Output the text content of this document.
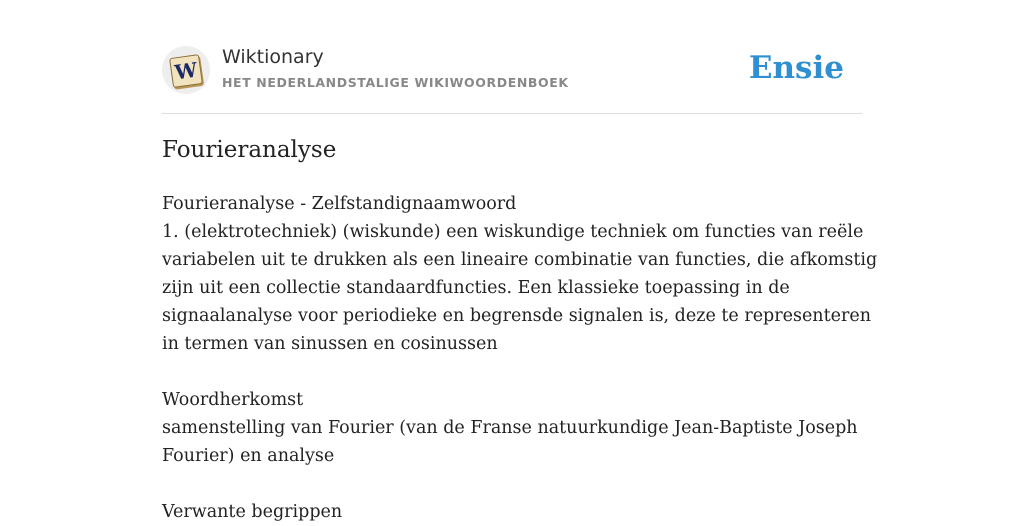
W
Wiktionary
HET NEDERLANDSTALIGE WIKIWOORDENBOEK	Ensie
Fourieranalyse

Fourieranalyse - Zelfstandignaamwoord

1. (elektrotechniek) (wiskunde) een wiskundige techniek om functies van reële variabelen uit te drukken als een lineaire combinatie van functies, die afkomstig zijn uit een collectie standaardfuncties. Een klassieke toepassing in de signaalanalyse voor periodieke en begrensde signalen is, deze te representeren in termen van sinussen en cosinussen

Woordherkomst

samenstelling van Fourier (van de Franse natuurkundige Jean-Baptiste Joseph Fourier) en analyse

Verwante begrippen
